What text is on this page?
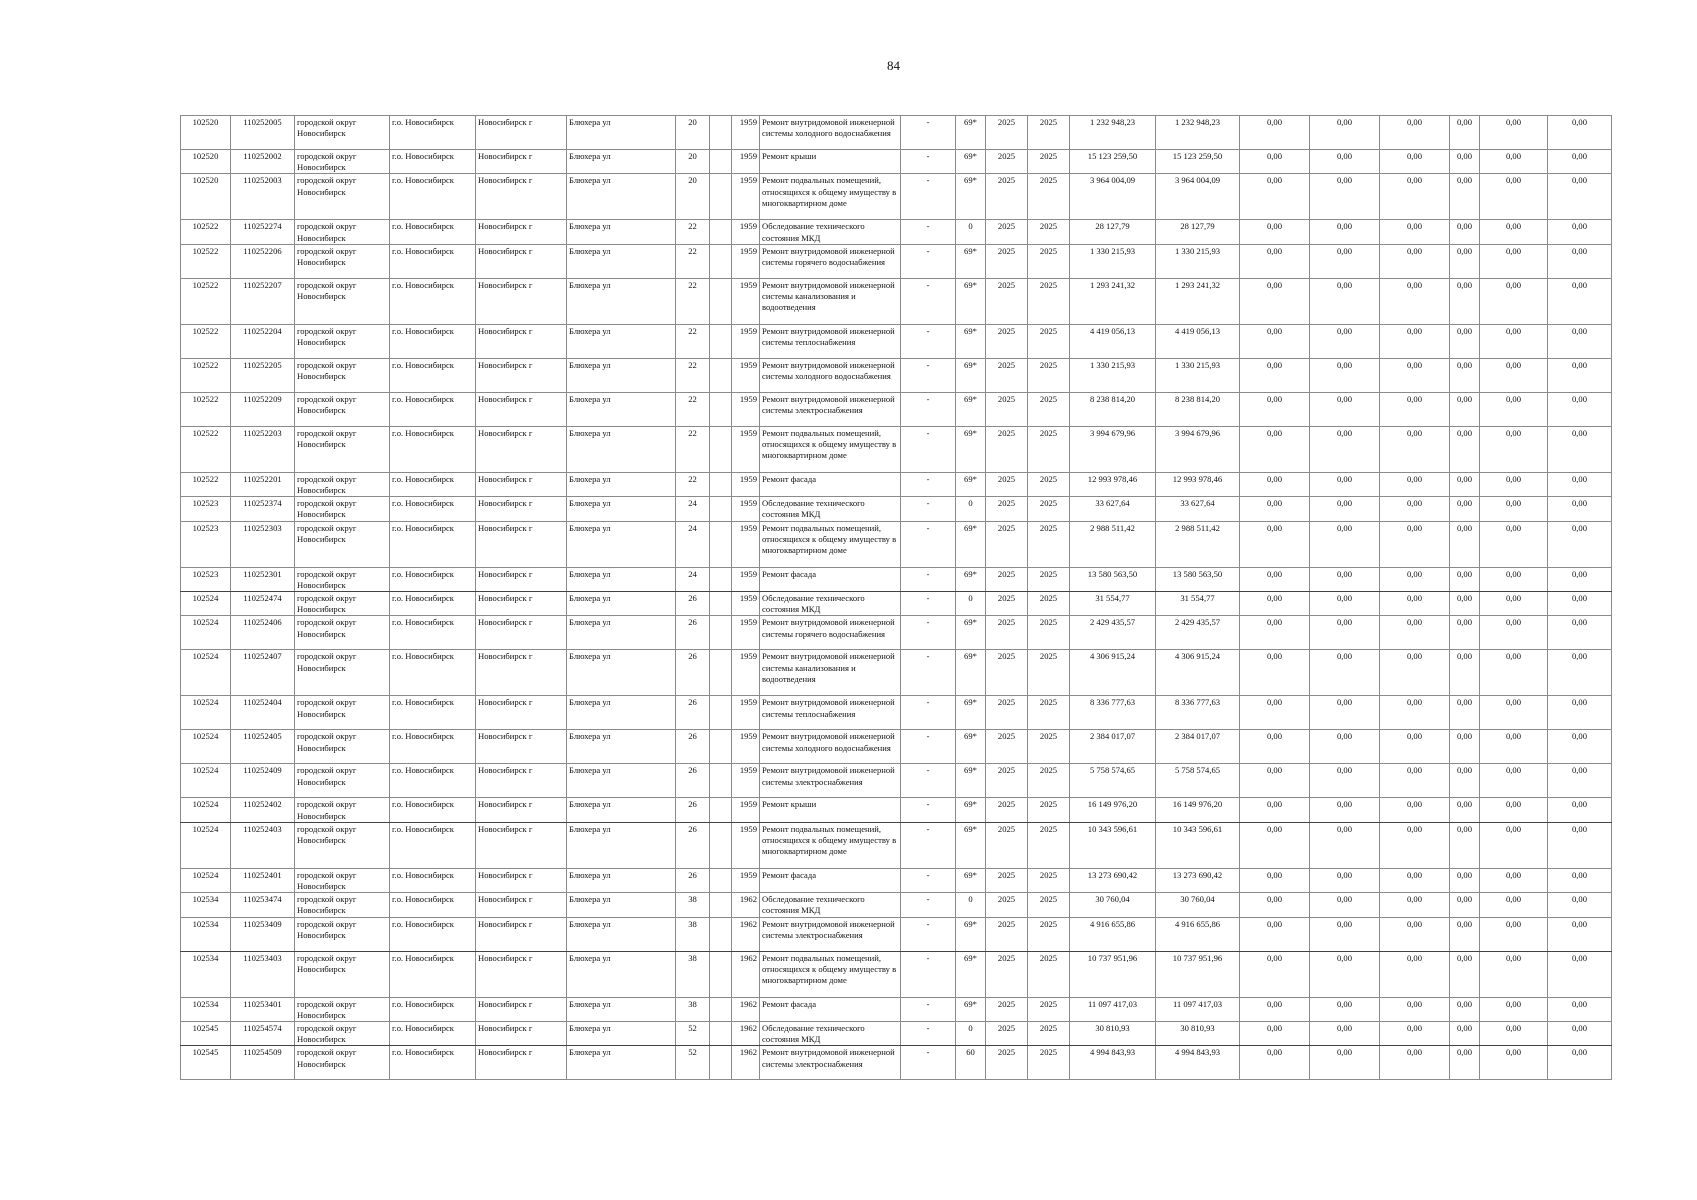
84
102520	110252005	городской округ Новосибирск	г.о. Новосибирск	Новосибирск г	Блюхера ул	20		1959	Ремонт внутридомовой инженерной системы холодного водоснабжения	-	69*	2025	2025	1 232 948,23	1 232 948,23	0,00	0,00	0,00	0,00	0,00	0,00
102520	110252002	городской округ Новосибирск	г.о. Новосибирск	Новосибирск г	Блюхера ул	20		1959	Ремонт крыши	-	69*	2025	2025	15 123 259,50	15 123 259,50	0,00	0,00	0,00	0,00	0,00	0,00
102520	110252003	городской округ Новосибирск	г.о. Новосибирск	Новосибирск г	Блюхера ул	20		1959	Ремонт подвальных помещений, относящихся к общему имуществу в многоквартирном доме	-	69*	2025	2025	3 964 004,09	3 964 004,09	0,00	0,00	0,00	0,00	0,00	0,00
102522	110252274	городской округ Новосибирск	г.о. Новосибирск	Новосибирск г	Блюхера ул	22		1959	Обследование технического состояния МКД	-	0	2025	2025	28 127,79	28 127,79	0,00	0,00	0,00	0,00	0,00	0,00
102522	110252206	городской округ Новосибирск	г.о. Новосибирск	Новосибирск г	Блюхера ул	22		1959	Ремонт внутридомовой инженерной системы горячего водоснабжения	-	69*	2025	2025	1 330 215,93	1 330 215,93	0,00	0,00	0,00	0,00	0,00	0,00
102522	110252207	городской округ Новосибирск	г.о. Новосибирск	Новосибирск г	Блюхера ул	22		1959	Ремонт внутридомовой инженерной системы канализования и водоотведения	-	69*	2025	2025	1 293 241,32	1 293 241,32	0,00	0,00	0,00	0,00	0,00	0,00
102522	110252204	городской округ Новосибирск	г.о. Новосибирск	Новосибирск г	Блюхера ул	22		1959	Ремонт внутридомовой инженерной системы теплоснабжения	-	69*	2025	2025	4 419 056,13	4 419 056,13	0,00	0,00	0,00	0,00	0,00	0,00
102522	110252205	городской округ Новосибирск	г.о. Новосибирск	Новосибирск г	Блюхера ул	22		1959	Ремонт внутридомовой инженерной системы холодного водоснабжения	-	69*	2025	2025	1 330 215,93	1 330 215,93	0,00	0,00	0,00	0,00	0,00	0,00
102522	110252209	городской округ Новосибирск	г.о. Новосибирск	Новосибирск г	Блюхера ул	22		1959	Ремонт внутридомовой инженерной системы электроснабжения	-	69*	2025	2025	8 238 814,20	8 238 814,20	0,00	0,00	0,00	0,00	0,00	0,00
102522	110252203	городской округ Новосибирск	г.о. Новосибирск	Новосибирск г	Блюхера ул	22		1959	Ремонт подвальных помещений, относящихся к общему имуществу в многоквартирном доме	-	69*	2025	2025	3 994 679,96	3 994 679,96	0,00	0,00	0,00	0,00	0,00	0,00
102522	110252201	городской округ Новосибирск	г.о. Новосибирск	Новосибирск г	Блюхера ул	22		1959	Ремонт фасада	-	69*	2025	2025	12 993 978,46	12 993 978,46	0,00	0,00	0,00	0,00	0,00	0,00
102523	110252374	городской округ Новосибирск	г.о. Новосибирск	Новосибирск г	Блюхера ул	24		1959	Обследование технического состояния МКД	-	0	2025	2025	33 627,64	33 627,64	0,00	0,00	0,00	0,00	0,00	0,00
102523	110252303	городской округ Новосибирск	г.о. Новосибирск	Новосибирск г	Блюхера ул	24		1959	Ремонт подвальных помещений, относящихся к общему имуществу в многоквартирном доме	-	69*	2025	2025	2 988 511,42	2 988 511,42	0,00	0,00	0,00	0,00	0,00	0,00
102523	110252301	городской округ Новосибирск	г.о. Новосибирск	Новосибирск г	Блюхера ул	24		1959	Ремонт фасада	-	69*	2025	2025	13 580 563,50	13 580 563,50	0,00	0,00	0,00	0,00	0,00	0,00
102524	110252474	городской округ Новосибирск	г.о. Новосибирск	Новосибирск г	Блюхера ул	26		1959	Обследование технического состояния МКД	-	0	2025	2025	31 554,77	31 554,77	0,00	0,00	0,00	0,00	0,00	0,00
102524	110252406	городской округ Новосибирск	г.о. Новосибирск	Новосибирск г	Блюхера ул	26		1959	Ремонт внутридомовой инженерной системы горячего водоснабжения	-	69*	2025	2025	2 429 435,57	2 429 435,57	0,00	0,00	0,00	0,00	0,00	0,00
102524	110252407	городской округ Новосибирск	г.о. Новосибирск	Новосибирск г	Блюхера ул	26		1959	Ремонт внутридомовой инженерной системы канализования и водоотведения	-	69*	2025	2025	4 306 915,24	4 306 915,24	0,00	0,00	0,00	0,00	0,00	0,00
102524	110252404	городской округ Новосибирск	г.о. Новосибирск	Новосибирск г	Блюхера ул	26		1959	Ремонт внутридомовой инженерной системы теплоснабжения	-	69*	2025	2025	8 336 777,63	8 336 777,63	0,00	0,00	0,00	0,00	0,00	0,00
102524	110252405	городской округ Новосибирск	г.о. Новосибирск	Новосибирск г	Блюхера ул	26		1959	Ремонт внутридомовой инженерной системы холодного водоснабжения	-	69*	2025	2025	2 384 017,07	2 384 017,07	0,00	0,00	0,00	0,00	0,00	0,00
102524	110252409	городской округ Новосибирск	г.о. Новосибирск	Новосибирск г	Блюхера ул	26		1959	Ремонт внутридомовой инженерной системы электроснабжения	-	69*	2025	2025	5 758 574,65	5 758 574,65	0,00	0,00	0,00	0,00	0,00	0,00
102524	110252402	городской округ Новосибирск	г.о. Новосибирск	Новосибирск г	Блюхера ул	26		1959	Ремонт крыши	-	69*	2025	2025	16 149 976,20	16 149 976,20	0,00	0,00	0,00	0,00	0,00	0,00
102524	110252403	городской округ Новосибирск	г.о. Новосибирск	Новосибирск г	Блюхера ул	26		1959	Ремонт подвальных помещений, относящихся к общему имуществу в многоквартирном доме	-	69*	2025	2025	10 343 596,61	10 343 596,61	0,00	0,00	0,00	0,00	0,00	0,00
102524	110252401	городской округ Новосибирск	г.о. Новосибирск	Новосибирск г	Блюхера ул	26		1959	Ремонт фасада	-	69*	2025	2025	13 273 690,42	13 273 690,42	0,00	0,00	0,00	0,00	0,00	0,00
102534	110253474	городской округ Новосибирск	г.о. Новосибирск	Новосибирск г	Блюхера ул	38		1962	Обследование технического состояния МКД	-	0	2025	2025	30 760,04	30 760,04	0,00	0,00	0,00	0,00	0,00	0,00
102534	110253409	городской округ Новосибирск	г.о. Новосибирск	Новосибирск г	Блюхера ул	38		1962	Ремонт внутридомовой инженерной системы электроснабжения	-	69*	2025	2025	4 916 655,86	4 916 655,86	0,00	0,00	0,00	0,00	0,00	0,00
102534	110253403	городской округ Новосибирск	г.о. Новосибирск	Новосибирск г	Блюхера ул	38		1962	Ремонт подвальных помещений, относящихся к общему имуществу в многоквартирном доме	-	69*	2025	2025	10 737 951,96	10 737 951,96	0,00	0,00	0,00	0,00	0,00	0,00
102534	110253401	городской округ Новосибирск	г.о. Новосибирск	Новосибирск г	Блюхера ул	38		1962	Ремонт фасада	-	69*	2025	2025	11 097 417,03	11 097 417,03	0,00	0,00	0,00	0,00	0,00	0,00
102545	110254574	городской округ Новосибирск	г.о. Новосибирск	Новосибирск г	Блюхера ул	52		1962	Обследование технического состояния МКД	-	0	2025	2025	30 810,93	30 810,93	0,00	0,00	0,00	0,00	0,00	0,00
102545	110254509	городской округ Новосибирск	г.о. Новосибирск	Новосибирск г	Блюхера ул	52		1962	Ремонт внутридомовой инженерной системы электроснабжения	-	60	2025	2025	4 994 843,93	4 994 843,93	0,00	0,00	0,00	0,00	0,00	0,00
